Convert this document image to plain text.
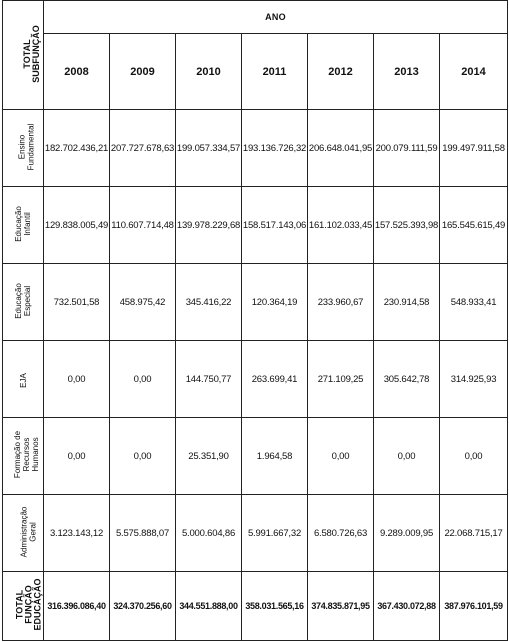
TOTAL SUBFUNÇÃO	ANO						
	2008	2009	2010	2011	2012	2013	2014

Ensino Fundamental	182.702.436,21	207.727.678,63	199.057.334,57	193.136.726,32	206.648.041,95	200.079.111,59	199.497.911,58

Educação Infantil	129.838.005,49	110.607.714,48	139.978.229,68	158.517.143,06	161.102.033,45	157.525.393,98	165.545.615,49

Educação Especial	732.501,58	458.975,42	345.416,22	120.364,19	233.960,67	230.914,58	548.933,41

EJA	0,00	0,00	144.750,77	263.699,41	271.109,25	305.642,78	314.925,93

Formação de Recursos Humanos	0,00	0,00	25.351,90	1.964,58	0,00	0,00	0,00

Administração Geral	3.123.143,12	5.575.888,07	5.000.604,86	5.991.667,32	6.580.726,63	9.289.009,95	22.068.715,17

TOTAL FUNÇÃO EDUCAÇÃO	316.396.086,40	324.370.256,60	344.551.888,00	358.031.565,16	374.835.871,95	367.430.072,88	387.976.101,59
